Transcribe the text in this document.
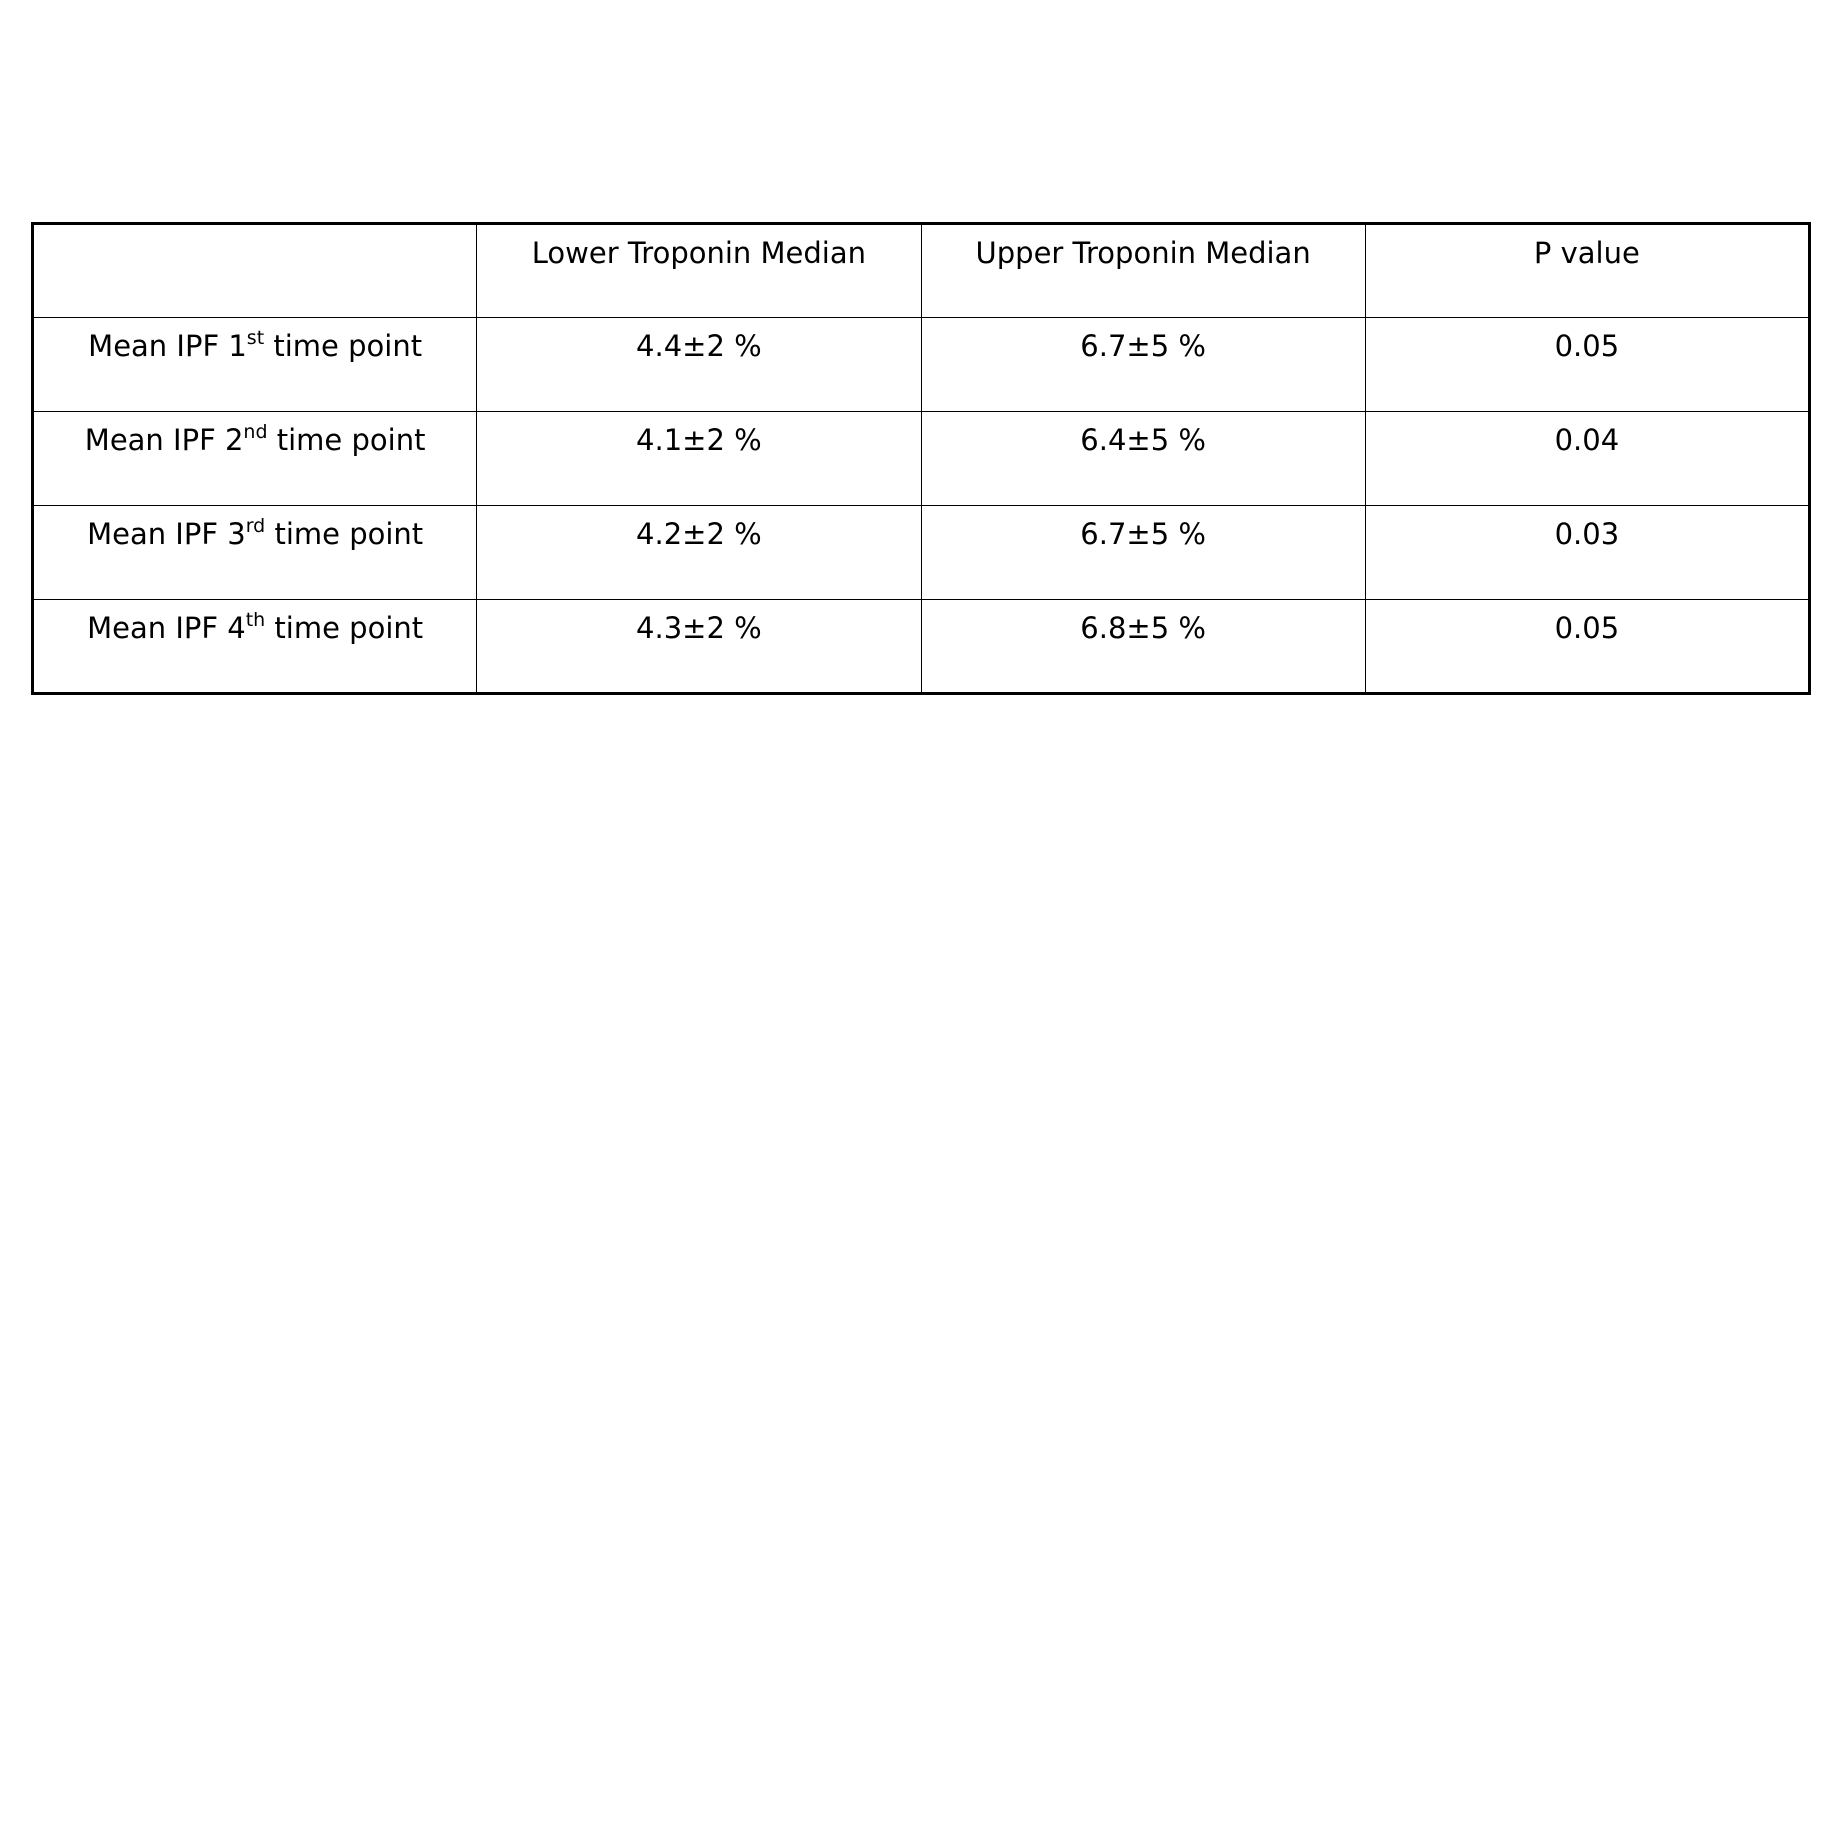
	Lower Troponin Median	Upper Troponin Median	P value
Mean IPF 1st time point	4.4±2 %	6.7±5 %	0.05
Mean IPF 2nd time point	4.1±2 %	6.4±5 %	0.04
Mean IPF 3rd time point	4.2±2 %	6.7±5 %	0.03
Mean IPF 4th time point	4.3±2 %	6.8±5 %	0.05
